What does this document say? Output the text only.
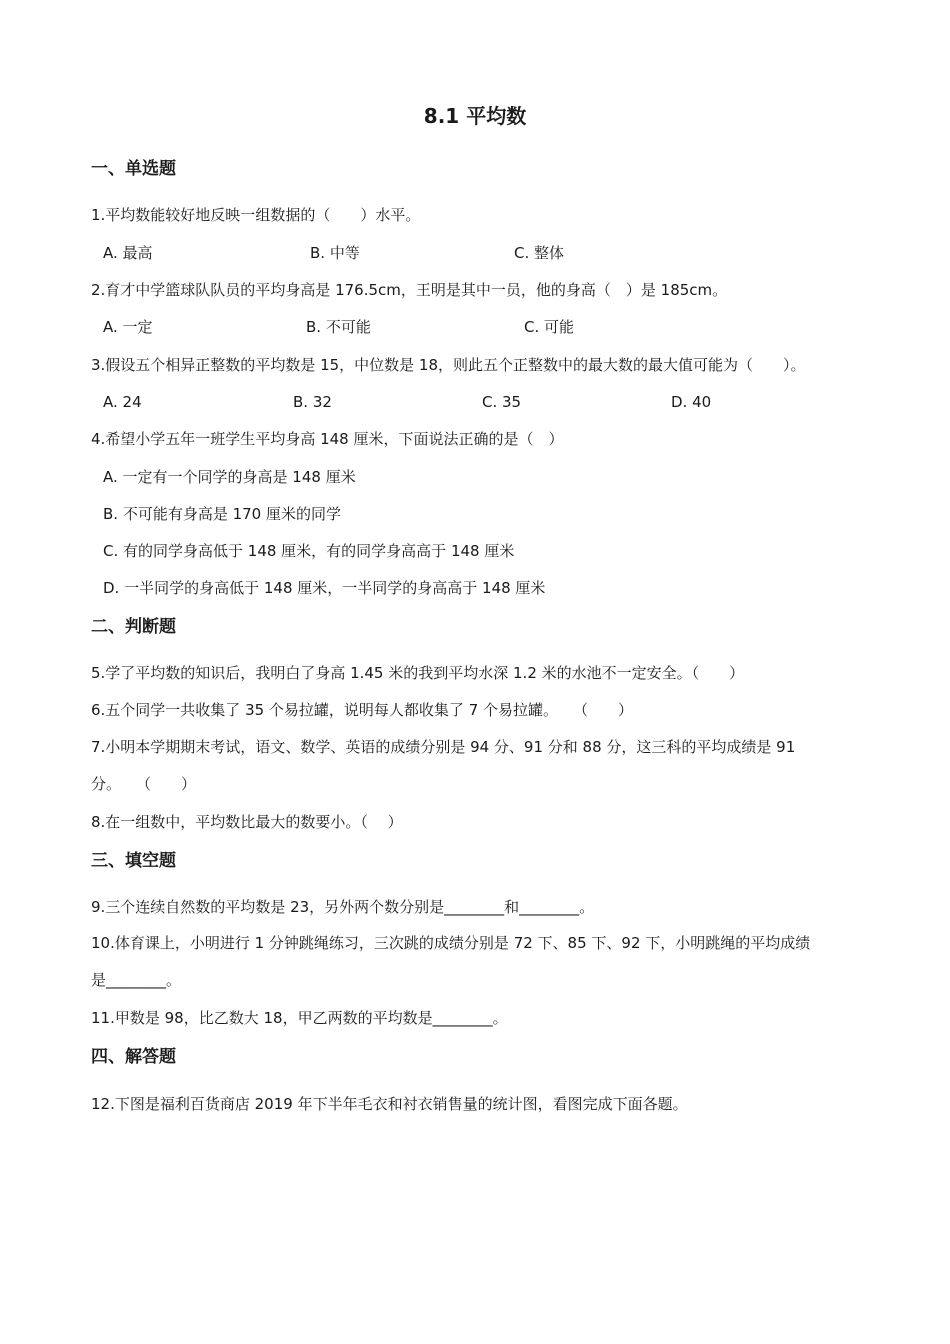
8.1 平均数
一、单选题
1.平均数能较好地反映一组数据的（　　）水平。
A. 最高	B. 中等	C. 整体
2.育才中学篮球队队员的平均身高是 176.5cm，王明是其中一员，他的身高（　）是 185cm。
A. 一定	B. 不可能	C. 可能
3.假设五个相异正整数的平均数是 15，中位数是 18，则此五个正整数中的最大数的最大值可能为（　　）。
A. 24	B. 32	C. 35	D. 40
4.希望小学五年一班学生平均身高 148 厘米，下面说法正确的是（　）
A. 一定有一个同学的身高是 148 厘米
B. 不可能有身高是 170 厘米的同学
C. 有的同学身高低于 148 厘米，有的同学身高高于 148 厘米
D. 一半同学的身高低于 148 厘米，一半同学的身高高于 148 厘米
二、判断题
5.学了平均数的知识后，我明白了身高 1.45 米的我到平均水深 1.2 米的水池不一定安全。（　　）
6.五个同学一共收集了 35 个易拉罐，说明每人都收集了 7 个易拉罐。　　（　　）
7.小明本学期期末考试，语文、数学、英语的成绩分别是 94 分、91 分和 88 分，这三科的平均成绩是 91
分。　　（　　）
8.在一组数中，平均数比最大的数要小。（　 ）
三、填空题
9.三个连续自然数的平均数是 23，另外两个数分别是________和________。
10.体育课上，小明进行 1 分钟跳绳练习，三次跳的成绩分别是 72 下、85 下、92 下，小明跳绳的平均成绩
是________。
11.甲数是 98，比乙数大 18，甲乙两数的平均数是________。
四、解答题
12.下图是福利百货商店 2019 年下半年毛衣和衬衣销售量的统计图，看图完成下面各题。
